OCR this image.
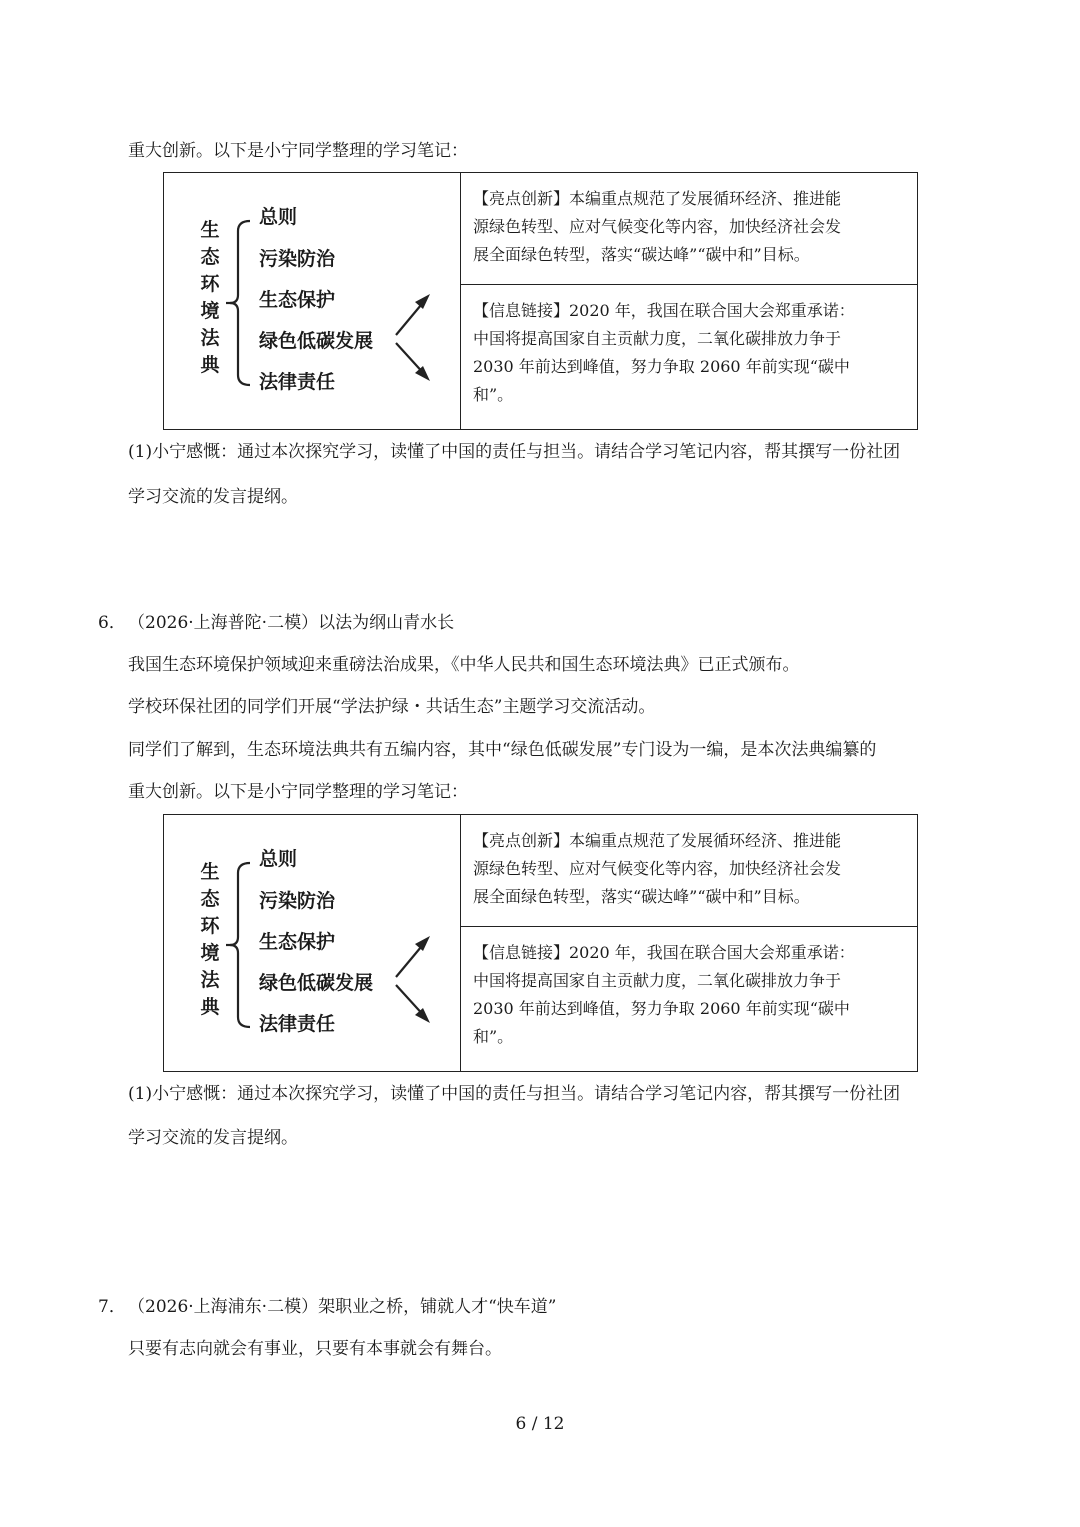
重大创新。以下是小宁同学整理的学习笔记：

生
态
环
境
法
典
总则
污染防治
生态保护
绿色低碳发展
法律责任
【亮点创新】本编重点规范了发展循环经济、推进能
源绿色转型、应对气候变化等内容，加快经济社会发
展全面绿色转型，落实“碳达峰”“碳中和”目标。
【信息链接】2020 年，我国在联合国大会郑重承诺：
中国将提高国家自主贡献力度，二氧化碳排放力争于
2030 年前达到峰值，努力争取 2060 年前实现“碳中
和”。

(1)小宁感慨：通过本次探究学习，读懂了中国的责任与担当。请结合学习笔记内容，帮其撰写一份社团

学习交流的发言提纲。

6． （2026·上海普陀·二模）以法为纲山青水长

我国生态环境保护领域迎来重磅法治成果，《中华人民共和国生态环境法典》已正式颁布。

学校环保社团的同学们开展“学法护绿・共话生态”主题学习交流活动。

同学们了解到，生态环境法典共有五编内容，其中“绿色低碳发展”专门设为一编，是本次法典编纂的

重大创新。以下是小宁同学整理的学习笔记：

生
态
环
境
法
典
总则
污染防治
生态保护
绿色低碳发展
法律责任
【亮点创新】本编重点规范了发展循环经济、推进能
源绿色转型、应对气候变化等内容，加快经济社会发
展全面绿色转型，落实“碳达峰”“碳中和”目标。
【信息链接】2020 年，我国在联合国大会郑重承诺：
中国将提高国家自主贡献力度，二氧化碳排放力争于
2030 年前达到峰值，努力争取 2060 年前实现“碳中
和”。

(1)小宁感慨：通过本次探究学习，读懂了中国的责任与担当。请结合学习笔记内容，帮其撰写一份社团

学习交流的发言提纲。

7． （2026·上海浦东·二模）架职业之桥，铺就人才“快车道”

只要有志向就会有事业，只要有本事就会有舞台。

6 / 12
